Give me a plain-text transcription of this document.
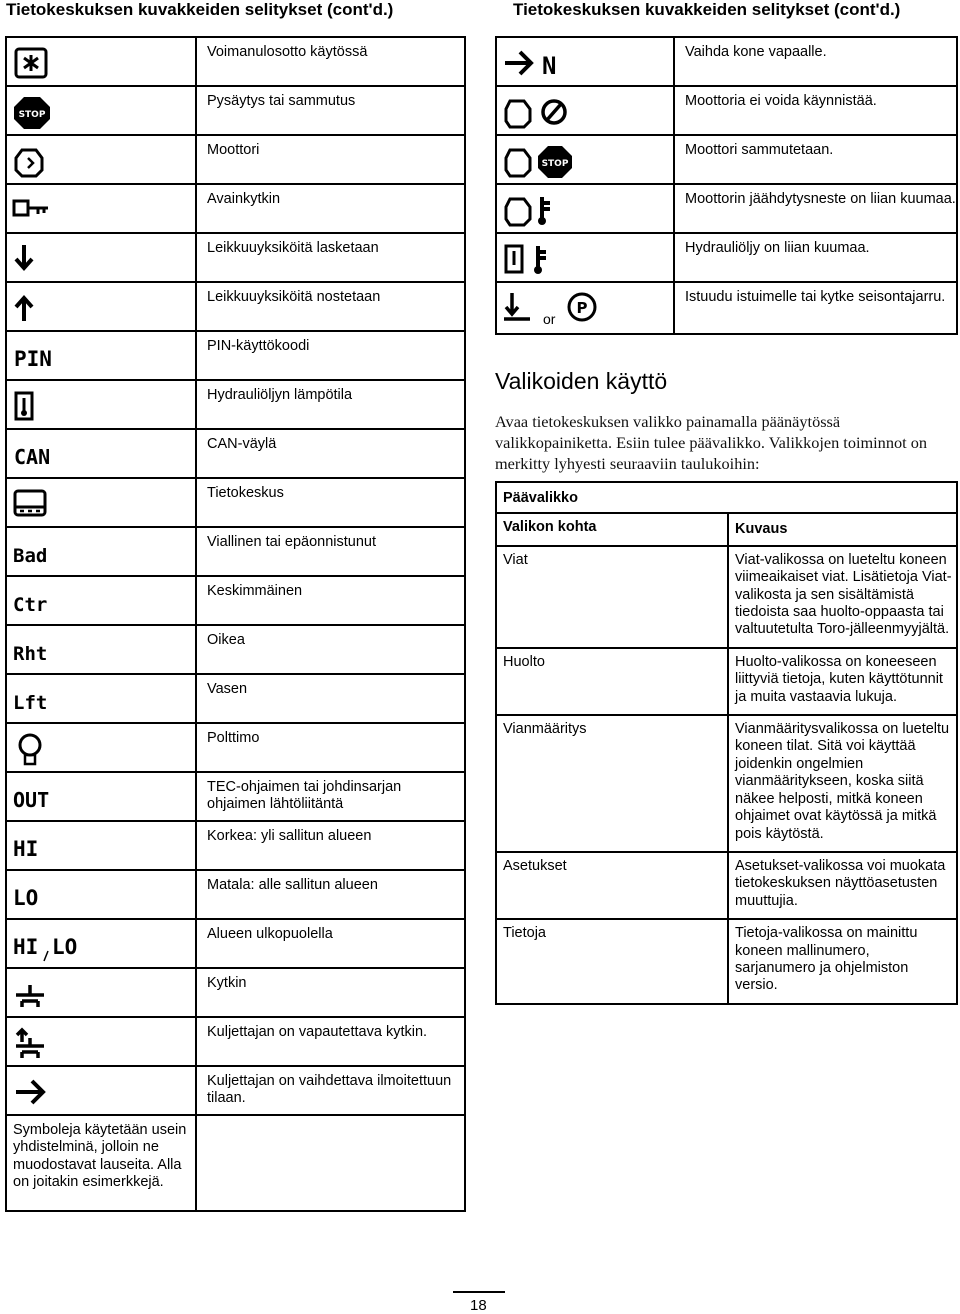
Tietokeskuksen kuvakkeiden selitykset (cont'd.)	Tietokeskuksen kuvakkeiden selitykset (cont'd.)
	Voimanulosotto käytössä

STOP	Pysäytys tai sammutus

	Moottori

	Avainkytkin

	Leikkuuyksiköitä lasketaan

	Leikkuuyksiköitä nostetaan

PIN	PIN-käyttökoodi

	Hydrauliöljyn lämpötila

CAN	CAN-väylä

	Tietokeskus

Bad	Viallinen tai epäonnistunut

Ctr	Keskimmäinen

Rht	Oikea

Lft	Vasen

	Polttimo

OUT	TEC-ohjaimen tai johdinsarjan ohjaimen lähtöliitäntä

HI	Korkea: yli sallitun alueen

LO	Matala: alle sallitun alueen

HI LO	Alueen ulkopuolella

	Kytkin

	Kuljettajan on vapautettava kytkin.

	Kuljettajan on vaihdettava ilmoitettuun tilaan.
Symboleja käytetään usein yhdistelminä, jolloin ne muodostavat lauseita. Alla on joitakin esimerkkejä.	
N	Vaihda kone vapaalle.

	Moottoria ei voida käynnistää.

STOP	Moottori sammutetaan.

	Moottorin jäähdytysneste on liian kuumaa.

	Hydrauliöljy on liian kuumaa.

P
or	Istuudu istuimelle tai kytke seisontajarru.
Valikoiden käyttö
Avaa tietokeskuksen valikko painamalla päänäytössä valikkopainiketta. Esiin tulee päävalikko. Valikkojen toiminnot on merkitty lyhyesti seuraaviin taulukoihin:
Päävalikko	
Valikon kohta	Kuvaus
Viat	Viat-valikossa on lueteltu koneen viimeaikaiset viat. Lisätietoja Viat-valikosta ja sen sisältämistä tiedoista saa huolto-oppaasta tai valtuutetulta Toro-jälleenmyyjältä.
Huolto	Huolto-valikossa on koneeseen liittyviä tietoja, kuten käyttötunnit ja muita vastaavia lukuja.
Vianmääritys	Vianmääritysvalikossa on lueteltu koneen tilat. Sitä voi käyttää joidenkin ongelmien vianmääritykseen, koska siitä näkee helposti, mitkä koneen ohjaimet ovat käytössä ja mitkä pois käytöstä.
Asetukset	Asetukset-valikossa voi muokata tietokeskuksen näyttöasetusten muuttujia.
Tietoja	Tietoja-valikossa on mainittu koneen mallinumero, sarjanumero ja ohjelmiston versio.
18
